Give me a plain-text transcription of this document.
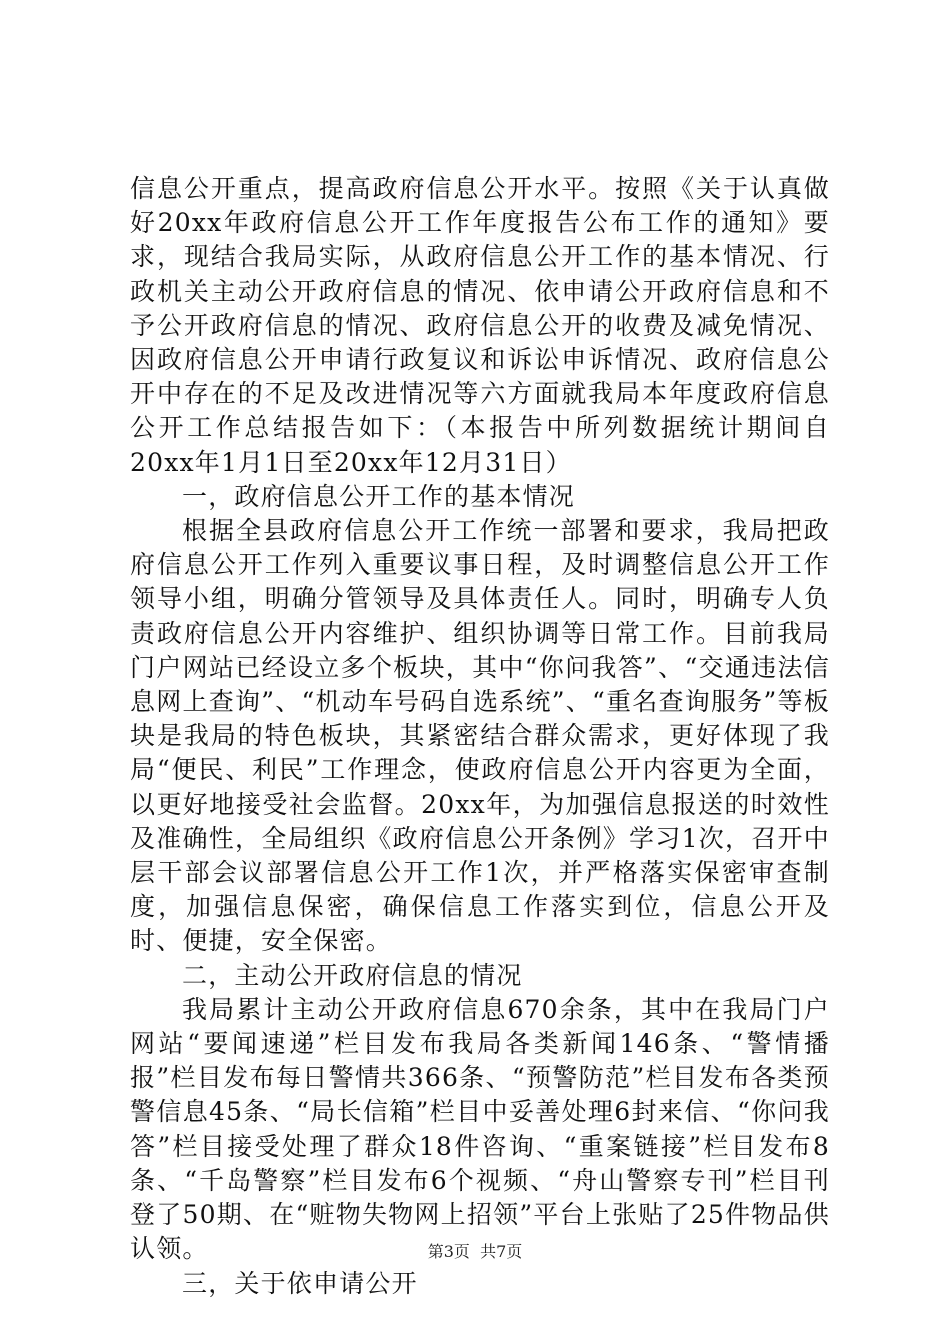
信息公开重点，提高政府信息公开水平。按照《关于认真做好20xx年政府信息公开工作年度报告公布工作的通知》要求，现结合我局实际，从政府信息公开工作的基本情况、行政机关主动公开政府信息的情况、依申请公开政府信息和不予公开政府信息的情况、政府信息公开的收费及减免情况、因政府信息公开申请行政复议和诉讼申诉情况、政府信息公开中存在的不足及改进情况等六方面就我局本年度政府信息公开工作总结报告如下：（本报告中所列数据统计期间自20xx年1月1日至20xx年12月31日）

一，政府信息公开工作的基本情况

根据全县政府信息公开工作统一部署和要求，我局把政府信息公开工作列入重要议事日程，及时调整信息公开工作领导小组，明确分管领导及具体责任人。同时，明确专人负责政府信息公开内容维护、组织协调等日常工作。目前我局门户网站已经设立多个板块，其中“你问我答”、“交通违法信息网上查询”、“机动车号码自选系统”、“重名查询服务”等板块是我局的特色板块，其紧密结合群众需求，更好体现了我局“便民、利民”工作理念，使政府信息公开内容更为全面，以更好地接受社会监督。20xx年，为加强信息报送的时效性及准确性，全局组织《政府信息公开条例》学习1次，召开中层干部会议部署信息公开工作1次，并严格落实保密审查制度，加强信息保密，确保信息工作落实到位，信息公开及时、便捷，安全保密。

二，主动公开政府信息的情况

我局累计主动公开政府信息670余条，其中在我局门户网站“要闻速递”栏目发布我局各类新闻146条、“警情播报”栏目发布每日警情共366条、“预警防范”栏目发布各类预警信息45条、“局长信箱”栏目中妥善处理6封来信、“你问我答”栏目接受处理了群众18件咨询、“重案链接”栏目发布8条、“千岛警察”栏目发布6个视频、“舟山警察专刊”栏目刊登了50期、在“赃物失物网上招领”平台上张贴了25件物品供认领。

三，关于依申请公开

第3页  共7页
